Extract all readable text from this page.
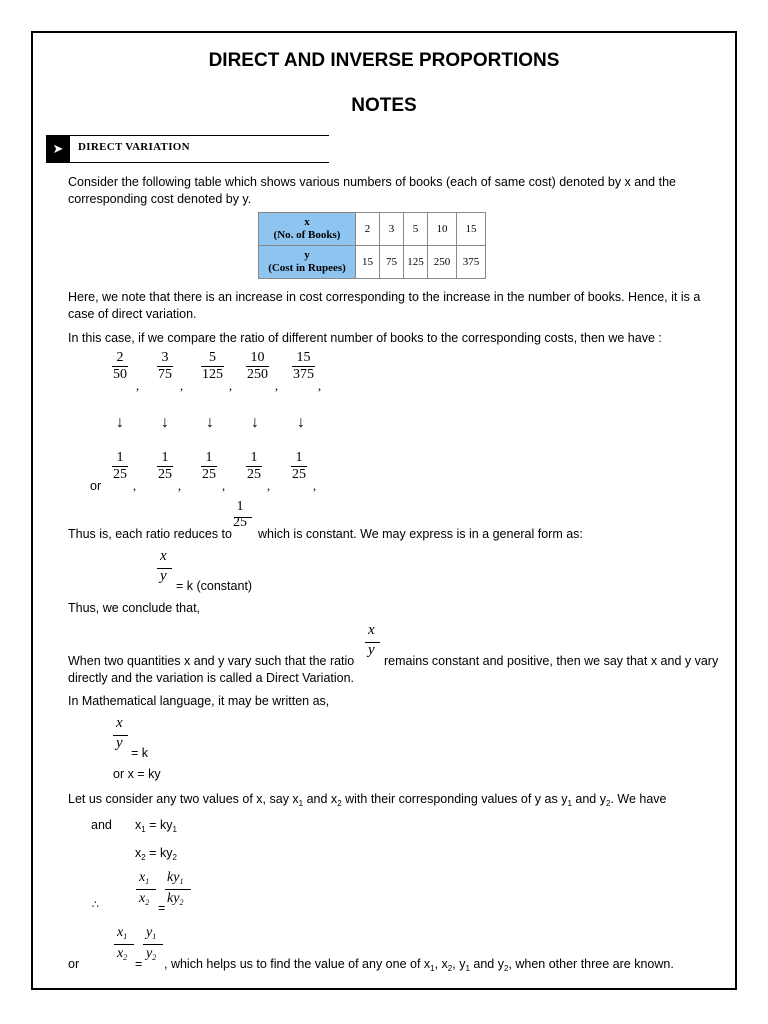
DIRECT AND INVERSE PROPORTIONS
NOTES
➤	DIRECT VARIATION
Consider the following table which shows various numbers of books (each of same cost) denoted by x and the
corresponding cost denoted by y.
x
(No. of Books)	2	3	5	10	15
y
(Cost in Rupees)	15	75	125	250	375
Here, we note that there is an increase in cost corresponding to the increase in the number of books. Hence, it is a
case of direct variation.
In this case, if we compare the ratio of different number of books to the corresponding costs, then we have :
$\frac{2}{50}$
,
$\frac{3}{75}$
,
$\frac{5}{125}$
,
$\frac{10}{250}$
,
$\frac{15}{375}$
,
↓ ↓ ↓ ↓ ↓
or
$\frac{1}{25}$
,
$\frac{1}{25}$
,
$\frac{1}{25}$
,
$\frac{1}{25}$
,
$\frac{1}{25}$
,
Thus is, each ratio reduces to
1
25
which is constant. We may express is in a general form as:
x
y
= k (constant)
Thus, we conclude that,
When two quantities x and y vary such that the ratio
x
y
remains constant and positive, then we say that x and y vary
directly and the variation is called a Direct Variation.
In Mathematical language, it may be written as,
x
y
= k
or x = ky
Let us consider any two values of x, say $x_1$ and $x_2$ with their corresponding values of y as $y_1$ and $y_2$. We have
and $x_1 = ky_1$
$x_2 = ky_2$
∴
$x_1$
$x_2$ =
$ky_1$
$ky_2$
or
$x_1$
$x_2$ =
$y_1$
$y_2$ , which helps us to find the value of any one of $x_1$, $x_2$, $y_1$ and $y_2$, when other three are known.
